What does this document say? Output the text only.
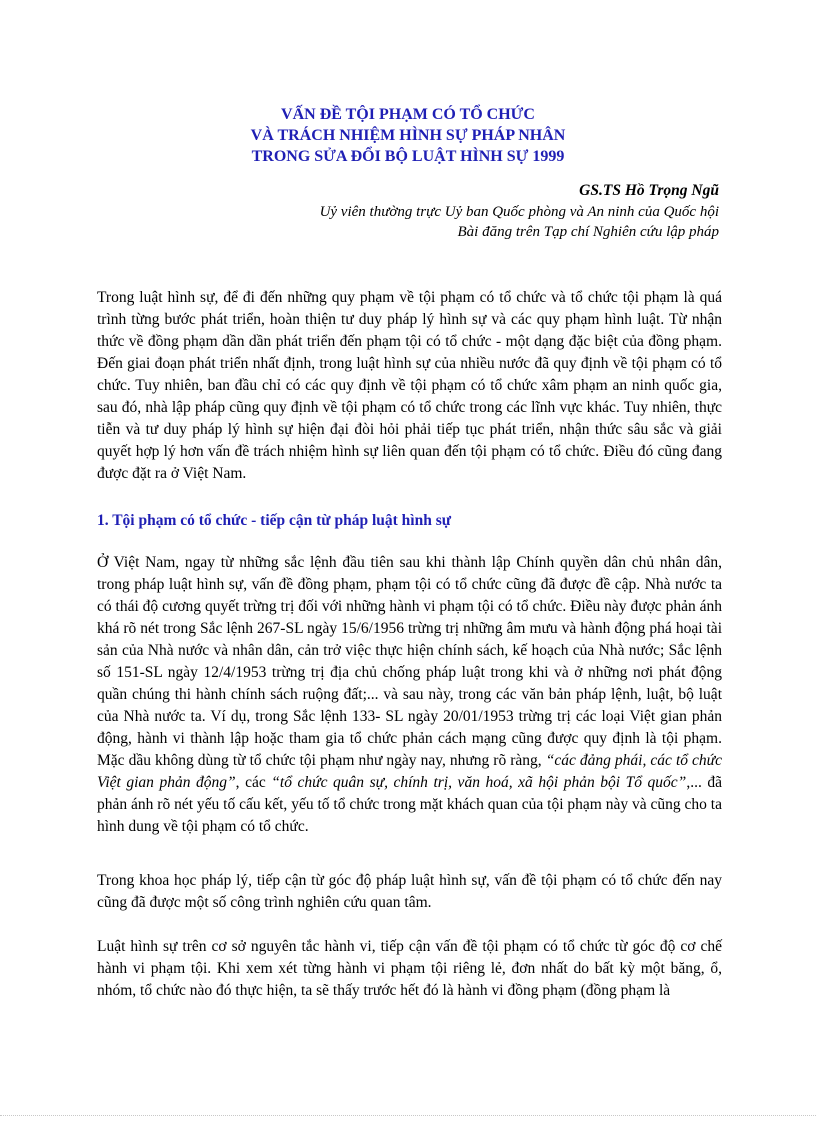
VẤN ĐỀ TỘI PHẠM CÓ TỔ CHỨC
VÀ TRÁCH NHIỆM HÌNH SỰ PHÁP NHÂN
TRONG SỬA ĐỔI BỘ LUẬT HÌNH SỰ 1999
GS.TS Hồ Trọng Ngũ
Uỷ viên thường trực Uỷ ban Quốc phòng và An ninh của Quốc hội
Bài đăng trên Tạp chí Nghiên cứu lập pháp

Trong luật hình sự, để đi đến những quy phạm về tội phạm có tổ chức và tổ chức tội phạm là quá trình từng bước phát triển, hoàn thiện tư duy pháp lý hình sự và các quy phạm hình luật. Từ nhận thức về đồng phạm dần dần phát triển đến phạm tội có tổ chức - một dạng đặc biệt của đồng phạm. Đến giai đoạn phát triển nhất định, trong luật hình sự của nhiều nước đã quy định về tội phạm có tổ chức. Tuy nhiên, ban đầu chỉ có các quy định về tội phạm có tổ chức xâm phạm an ninh quốc gia, sau đó, nhà lập pháp cũng quy định về tội phạm có tổ chức trong các lĩnh vực khác. Tuy nhiên, thực tiễn và tư duy pháp lý hình sự hiện đại đòi hỏi phải tiếp tục phát triển, nhận thức sâu sắc và giải quyết hợp lý hơn vấn đề trách nhiệm hình sự liên quan đến tội phạm có tổ chức. Điều đó cũng đang được đặt ra ở Việt Nam.

1. Tội phạm có tổ chức - tiếp cận từ pháp luật hình sự

Ở Việt Nam, ngay từ những sắc lệnh đầu tiên sau khi thành lập Chính quyền dân chủ nhân dân, trong pháp luật hình sự, vấn đề đồng phạm, phạm tội có tổ chức cũng đã được đề cập. Nhà nước ta có thái độ cương quyết trừng trị đối với những hành vi phạm tội có tổ chức. Điều này được phản ánh khá rõ nét trong Sắc lệnh 267-SL ngày 15/6/1956 trừng trị những âm mưu và hành động phá hoại tài sản của Nhà nước và nhân dân, cản trở việc thực hiện chính sách, kế hoạch của Nhà nước; Sắc lệnh số 151-SL ngày 12/4/1953 trừng trị địa chủ chống pháp luật trong khi và ở những nơi phát động quần chúng thi hành chính sách ruộng đất;... và sau này, trong các văn bản pháp lệnh, luật, bộ luật của Nhà nước ta. Ví dụ, trong Sắc lệnh 133- SL ngày 20/01/1953 trừng trị các loại Việt gian phản động, hành vi thành lập hoặc tham gia tổ chức phản cách mạng cũng được quy định là tội phạm. Mặc dầu không dùng từ tổ chức tội phạm như ngày nay, nhưng rõ ràng, “các đảng phái, các tổ chức Việt gian phản động”, các “tổ chức quân sự, chính trị, văn hoá, xã hội phản bội Tổ quốc”,... đã phản ánh rõ nét yếu tố cấu kết, yếu tố tổ chức trong mặt khách quan của tội phạm này và cũng cho ta hình dung về tội phạm có tổ chức.

Trong khoa học pháp lý, tiếp cận từ góc độ pháp luật hình sự, vấn đề tội phạm có tổ chức đến nay cũng đã được một số công trình nghiên cứu quan tâm.

Luật hình sự trên cơ sở nguyên tắc hành vi, tiếp cận vấn đề tội phạm có tổ chức từ góc độ cơ chế hành vi phạm tội. Khi xem xét từng hành vi phạm tội riêng lẻ, đơn nhất do bất kỳ một băng, ổ, nhóm, tổ chức nào đó thực hiện, ta sẽ thấy trước hết đó là hành vi đồng phạm (đồng phạm là
